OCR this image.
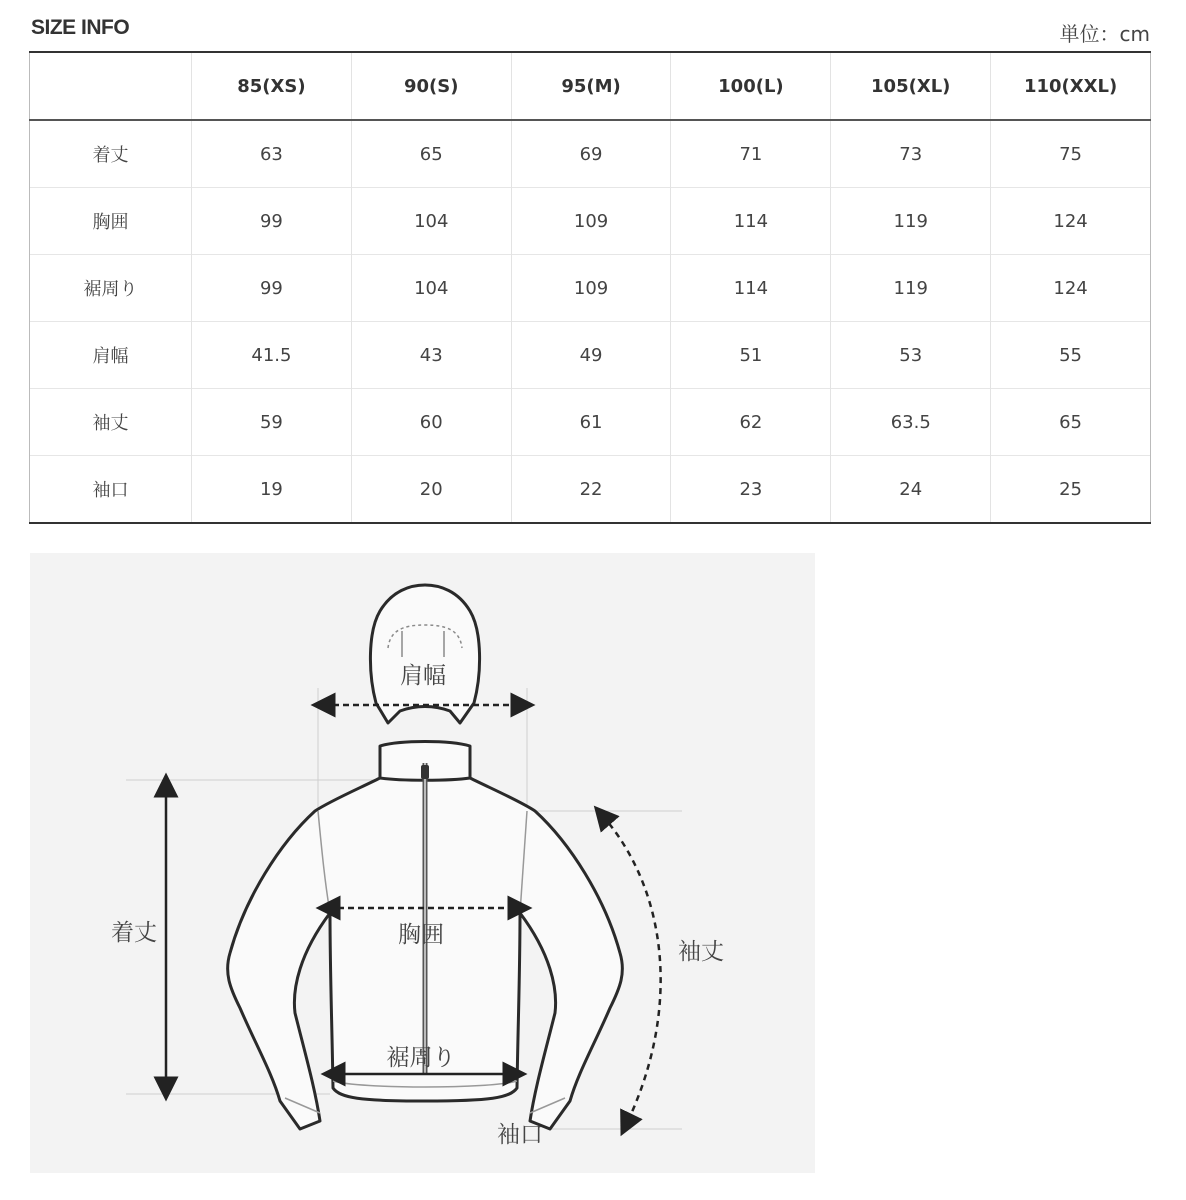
SIZE INFO	単位：cm
	85(XS)	90(S)	95(M)	100(L)	105(XL)	110(XXL)
着丈	63	65	69	71	73	75
胸囲	99	104	109	114	119	124
裾周り	99	104	109	114	119	124
肩幅	41.5	43	49	51	53	55
袖丈	59	60	61	62	63.5	65
袖口	19	20	22	23	24	25
肩幅
着丈	胸囲
袖丈
裾周り
袖口
